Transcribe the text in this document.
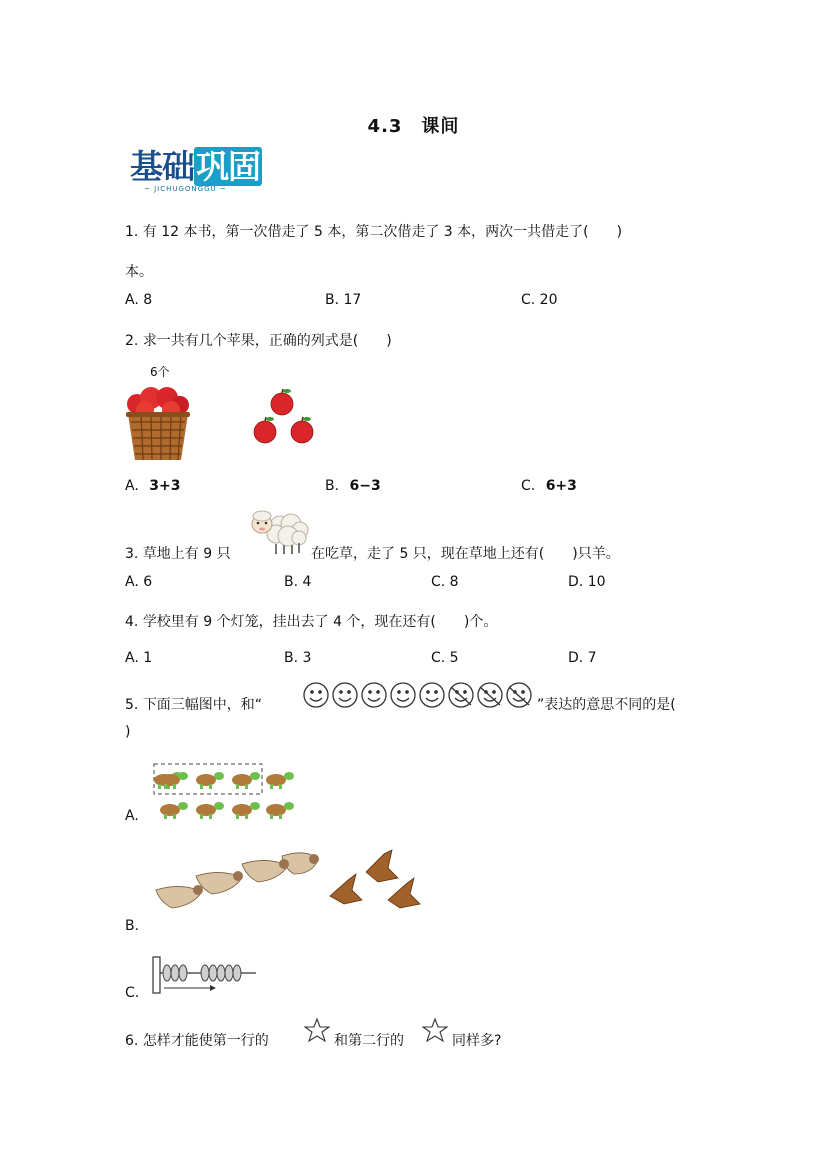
4.3　课间
基础巩固
~ JICHUGONGGU ~
1. 有 12 本书，第一次借走了 5 本，第二次借走了 3 本，两次一共借走了(　　)
本。
A. 8	B. 17	C. 20
2. 求一共有几个苹果，正确的列式是(　　)
6个
A. 3+3	B. 6−3	C. 6+3
3. 草地上有 9 只	在吃草，走了 5 只，现在草地上还有(　　)只羊。
A. 6	B. 4	C. 8	D. 10
4. 学校里有 9 个灯笼，挂出去了 4 个，现在还有(　　)个。
A. 1	B. 3	C. 5	D. 7
5. 下面三幅图中，和“	”表达的意思不同的是(
)
A.
B.
C.
6. 怎样才能使第一行的	和第二行的	同样多?
